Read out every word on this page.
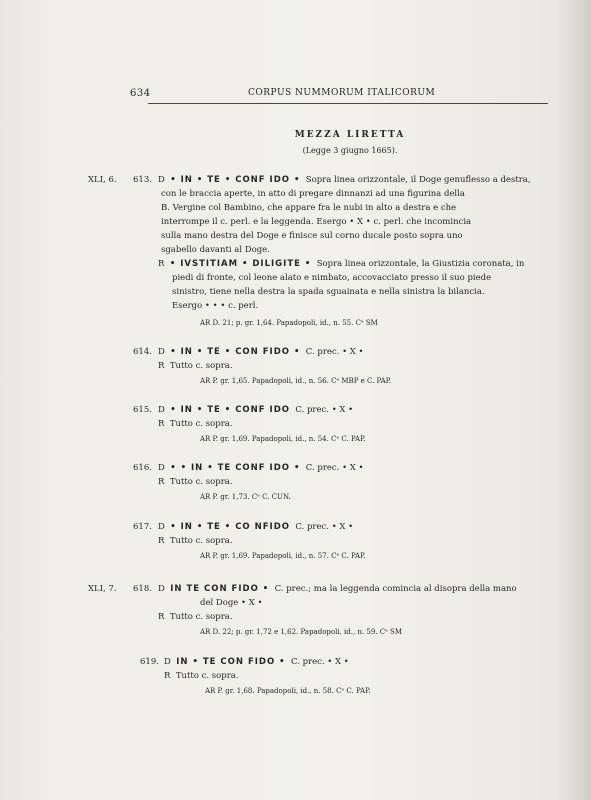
634	CORPUS NUMMORUM ITALICORUM
MEZZA LIRETTA
(Legge 3 giugno 1665).
XLI, 6. 613. D • IN • TE • CONF IDO • Sopra linea orizzontale, il Doge genuflesso a destra,
con le braccia aperte, in atto di pregare dinnanzi ad una figurina della
B. Vergine col Bambino, che appare fra le nubi in alto a destra e che
interrompe il c. perl. e la leggenda. Esergo • X • c. perl. che incomincia
sulla mano destra del Doge e finisce sul corno ducale posto sopra uno
sgabello davanti al Doge.
R • IVSTITIAM • DILIGITE • Sopra linea orizzontale, la Giustizia coronata, in
piedi di fronte, col leone alato e nimbato, accovacciato presso il suo piede
sinistro, tiene nella destra la spada sguainata e nella sinistra la bilancia.
Esergo • • • c. perl.
AR D. 21; p. gr. 1,64. Papadopoli, id., n. 55. Cᵉ SM
614. D  • IN • TE • CON FIDO • C. prec. • X •
R  Tutto c. sopra.
AR P. gr. 1,65. Papadopoli, id., n. 56. Cᵉ MBP e C. PAP.
615. D  • IN • TE • CONF IDO C. prec. • X •
R  Tutto c. sopra.
AR P. gr. 1,69. Papadopoli, id., n. 54. Cᵉ C. PAP.
616. D  • • IN • TE CONF IDO • C. prec. • X •
R  Tutto c. sopra.
AR P. gr. 1,73. Cᵉ C. CUN.
617. D  • IN • TE • CO NFIDO C. prec. • X •
R  Tutto c. sopra.
AR P. gr. 1,69. Papadopoli, id., n. 57. Cᵉ C. PAP.
XLI, 7. 618. D  IN TE CON FIDO • C. prec.; ma la leggenda comincia al disopra della mano
del Doge • X •
R  Tutto c. sopra.
AR D. 22; p. gr. 1,72 e 1,62. Papadopoli, id., n. 59. Cᵉ SM
619. D  IN • TE CON FIDO • C. prec. • X •
R  Tutto c. sopra.
AR P. gr. 1,68. Papadopoli, id., n. 58. Cᵉ C. PAP.
